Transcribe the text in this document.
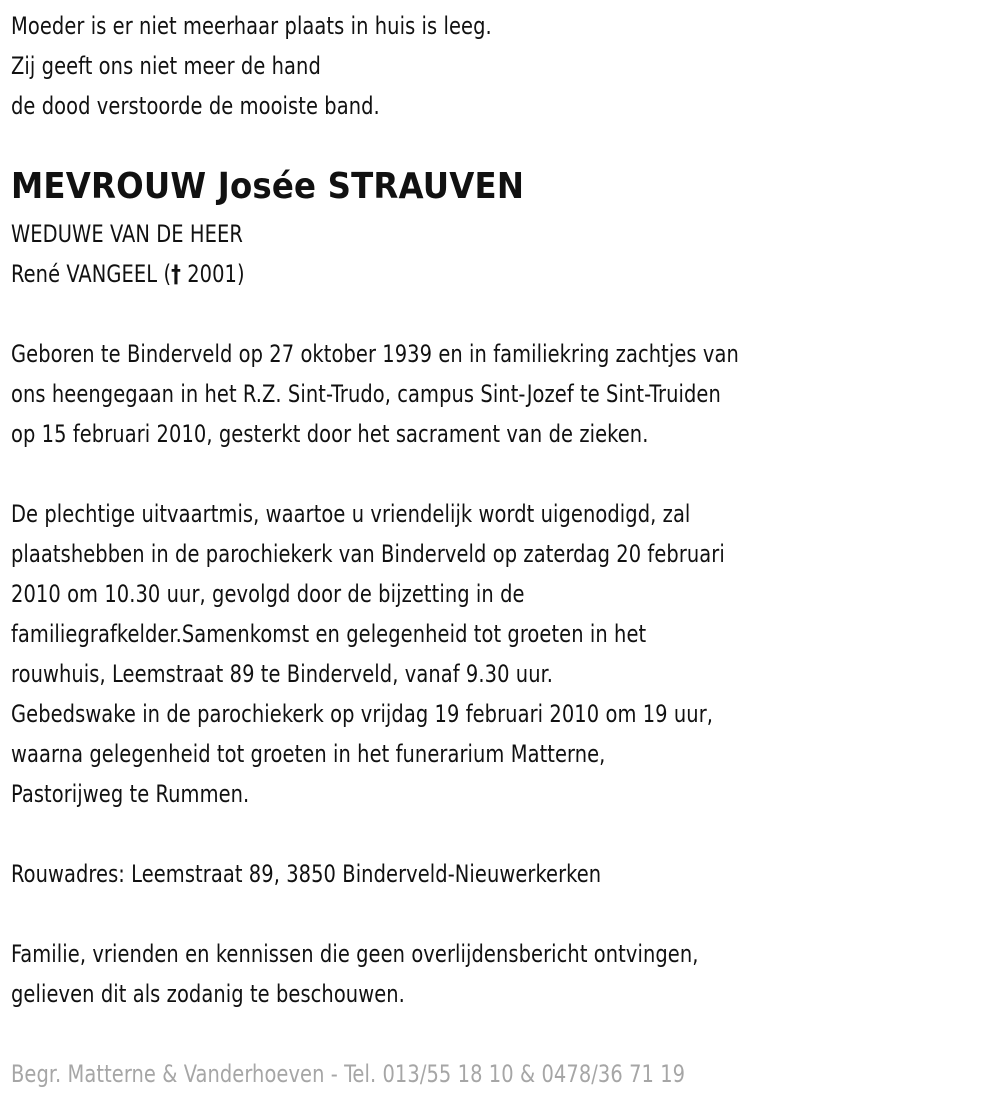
Moeder is er niet meerhaar plaats in huis is leeg.
Zij geeft ons niet meer de hand
de dood verstoorde de mooiste band.
MEVROUW Josée STRAUVEN
WEDUWE VAN DE HEER
René VANGEEL († 2001)
Geboren te Binderveld op 27 oktober 1939 en in familiekring zachtjes van
ons heengegaan in het R.Z. Sint-Trudo, campus Sint-Jozef te Sint-Truiden
op 15 februari 2010, gesterkt door het sacrament van de zieken.
De plechtige uitvaartmis, waartoe u vriendelijk wordt uigenodigd, zal
plaatshebben in de parochiekerk van Binderveld op zaterdag 20 februari
2010 om 10.30 uur, gevolgd door de bijzetting in de
familiegrafkelder.Samenkomst en gelegenheid tot groeten in het
rouwhuis, Leemstraat 89 te Binderveld, vanaf 9.30 uur.
Gebedswake in de parochiekerk op vrijdag 19 februari 2010 om 19 uur,
waarna gelegenheid tot groeten in het funerarium Matterne,
Pastorijweg te Rummen.
Rouwadres: Leemstraat 89, 3850 Binderveld-Nieuwerkerken
Familie, vrienden en kennissen die geen overlijdensbericht ontvingen,
gelieven dit als zodanig te beschouwen.
Begr. Matterne & Vanderhoeven - Tel. 013/55 18 10 & 0478/36 71 19
